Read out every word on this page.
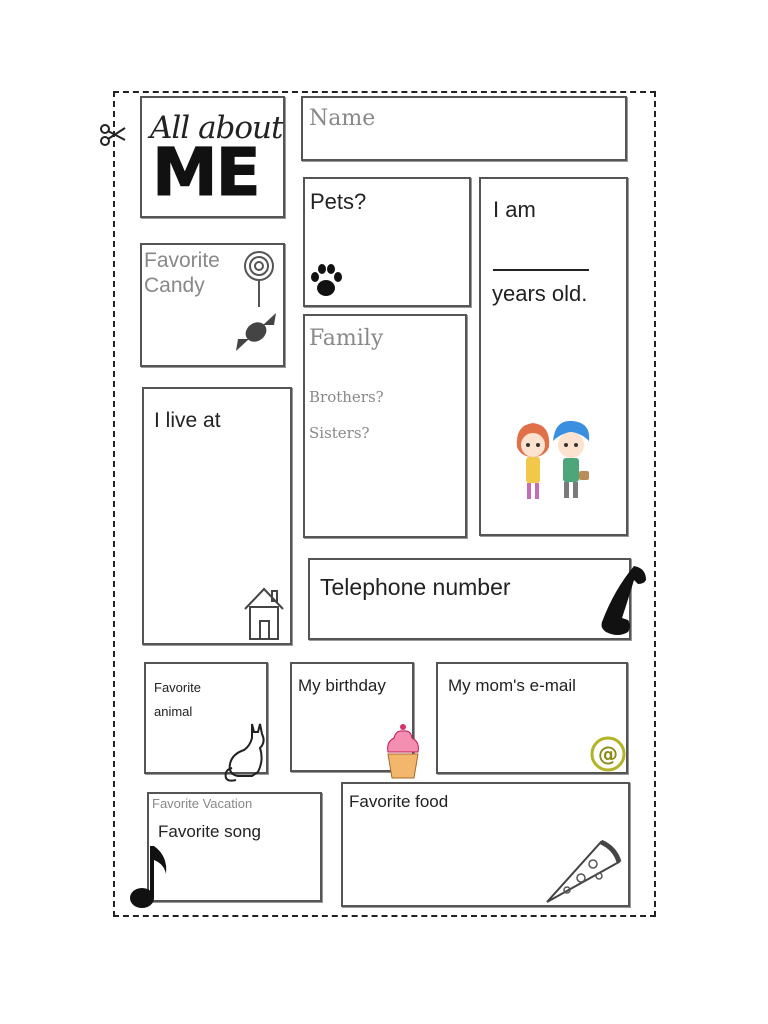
All about
ME
Name
Pets?	I am
years old.
Favorite
Candy
Family
Brothers?
Sisters?
I live at
Telephone number
Favorite
animal
My birthday	My mom's e-mail
@
Favorite Vacation
Favorite song
Favorite food
